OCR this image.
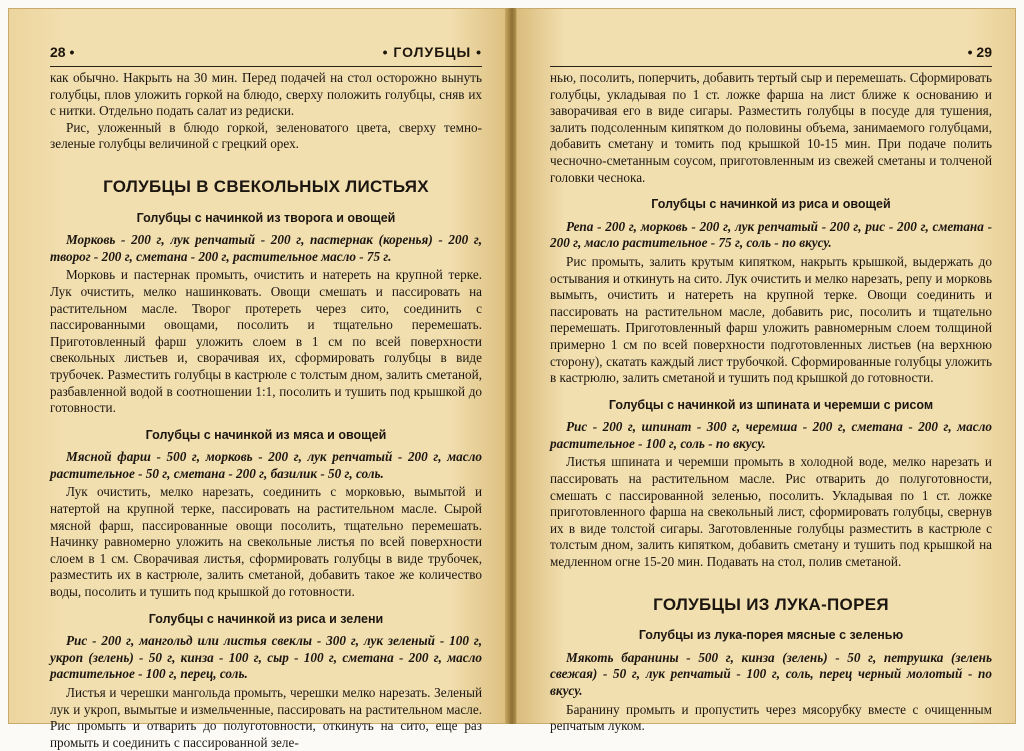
28 •	• ГОЛУБЦЫ •

как обычно. Накрыть на 30 мин. Перед подачей на стол осторожно вынуть голубцы, плов уложить горкой на блюдо, сверху положить голубцы, сняв их с нитки. Отдельно подать салат из редиски.

Рис, уложенный в блюдо горкой, зеленоватого цвета, сверху темно-зеленые голубцы величиной с грецкий орех.

ГОЛУБЦЫ В СВЕКОЛЬНЫХ ЛИСТЬЯХ
Голубцы с начинкой из творога и овощей

Морковь - 200 г, лук репчатый - 200 г, пастернак (коренья) - 200 г, творог - 200 г, сметана - 200 г, растительное масло - 75 г.

Морковь и пастернак промыть, очистить и натереть на крупной терке. Лук очистить, мелко нашинковать. Овощи смешать и пассировать на растительном масле. Творог протереть через сито, соединить с пассированными овощами, посолить и тщательно перемешать. Приготовленный фарш уложить слоем в 1 см по всей поверхности свекольных листьев и, сворачивая их, сформировать голубцы в виде трубочек. Разместить голубцы в кастрюле с толстым дном, залить сметаной, разбавленной водой в соотношении 1:1, посолить и тушить под крышкой до готовности.

Голубцы с начинкой из мяса и овощей

Мясной фарш - 500 г, морковь - 200 г, лук репчатый - 200 г, масло растительное - 50 г, сметана - 200 г, базилик - 50 г, соль.

Лук очистить, мелко нарезать, соединить с морковью, вымытой и натертой на крупной терке, пассировать на растительном масле. Сырой мясной фарш, пассированные овощи посолить, тщательно перемешать. Начинку равномерно уложить на свекольные листья по всей поверхности слоем в 1 см. Сворачивая листья, сформировать голубцы в виде трубочек, разместить их в кастрюле, залить сметаной, добавить такое же количество воды, посолить и тушить под крышкой до готовности.

Голубцы с начинкой из риса и зелени

Рис - 200 г, мангольд или листья свеклы - 300 г, лук зеленый - 100 г, укроп (зелень) - 50 г, кинза - 100 г, сыр - 100 г, сметана - 200 г, масло растительное - 100 г, перец, соль.

Листья и черешки мангольда промыть, черешки мелко нарезать. Зеленый лук и укроп, вымытые и измельченные, пассировать на растительном масле. Рис промыть и отварить до полуготовности, откинуть на сито, еще раз промыть и соединить с пассированной зеле-

• 29

нью, посолить, поперчить, добавить тертый сыр и перемешать. Сформировать голубцы, укладывая по 1 ст. ложке фарша на лист ближе к основанию и заворачивая его в виде сигары. Разместить голубцы в посуде для тушения, залить подсоленным кипятком до половины объема, занимаемого голубцами, добавить сметану и томить под крышкой 10-15 мин. При подаче полить чесночно-сметанным соусом, приготовленным из свежей сметаны и толченой головки чеснока.

Голубцы с начинкой из риса и овощей

Репа - 200 г, морковь - 200 г, лук репчатый - 200 г, рис - 200 г, сметана - 200 г, масло растительное - 75 г, соль - по вкусу.

Рис промыть, залить крутым кипятком, накрыть крышкой, выдержать до остывания и откинуть на сито. Лук очистить и мелко нарезать, репу и морковь вымыть, очистить и натереть на крупной терке. Овощи соединить и пассировать на растительном масле, добавить рис, посолить и тщательно перемешать. Приготовленный фарш уложить равномерным слоем толщиной примерно 1 см по всей поверхности подготовленных листьев (на верхнюю сторону), скатать каждый лист трубочкой. Сформированные голубцы уложить в кастрюлю, залить сметаной и тушить под крышкой до готовности.

Голубцы с начинкой из шпината и черемши с рисом

Рис - 200 г, шпинат - 300 г, черемша - 200 г, сметана - 200 г, масло растительное - 100 г, соль - по вкусу.

Листья шпината и черемши промыть в холодной воде, мелко нарезать и пассировать на растительном масле. Рис отварить до полуготовности, смешать с пассированной зеленью, посолить. Укладывая по 1 ст. ложке приготовленного фарша на свекольный лист, сформировать голубцы, свернув их в виде толстой сигары. Заготовленные голубцы разместить в кастрюле с толстым дном, залить кипятком, добавить сметану и тушить под крышкой на медленном огне 15-20 мин. Подавать на стол, полив сметаной.

ГОЛУБЦЫ ИЗ ЛУКА-ПОРЕЯ
Голубцы из лука-порея мясные с зеленью

Мякоть баранины - 500 г, кинза (зелень) - 50 г, петрушка (зелень свежая) - 50 г, лук репчатый - 100 г, соль, перец черный молотый - по вкусу.

Баранину промыть и пропустить через мясорубку вместе с очищенным репчатым луком.
